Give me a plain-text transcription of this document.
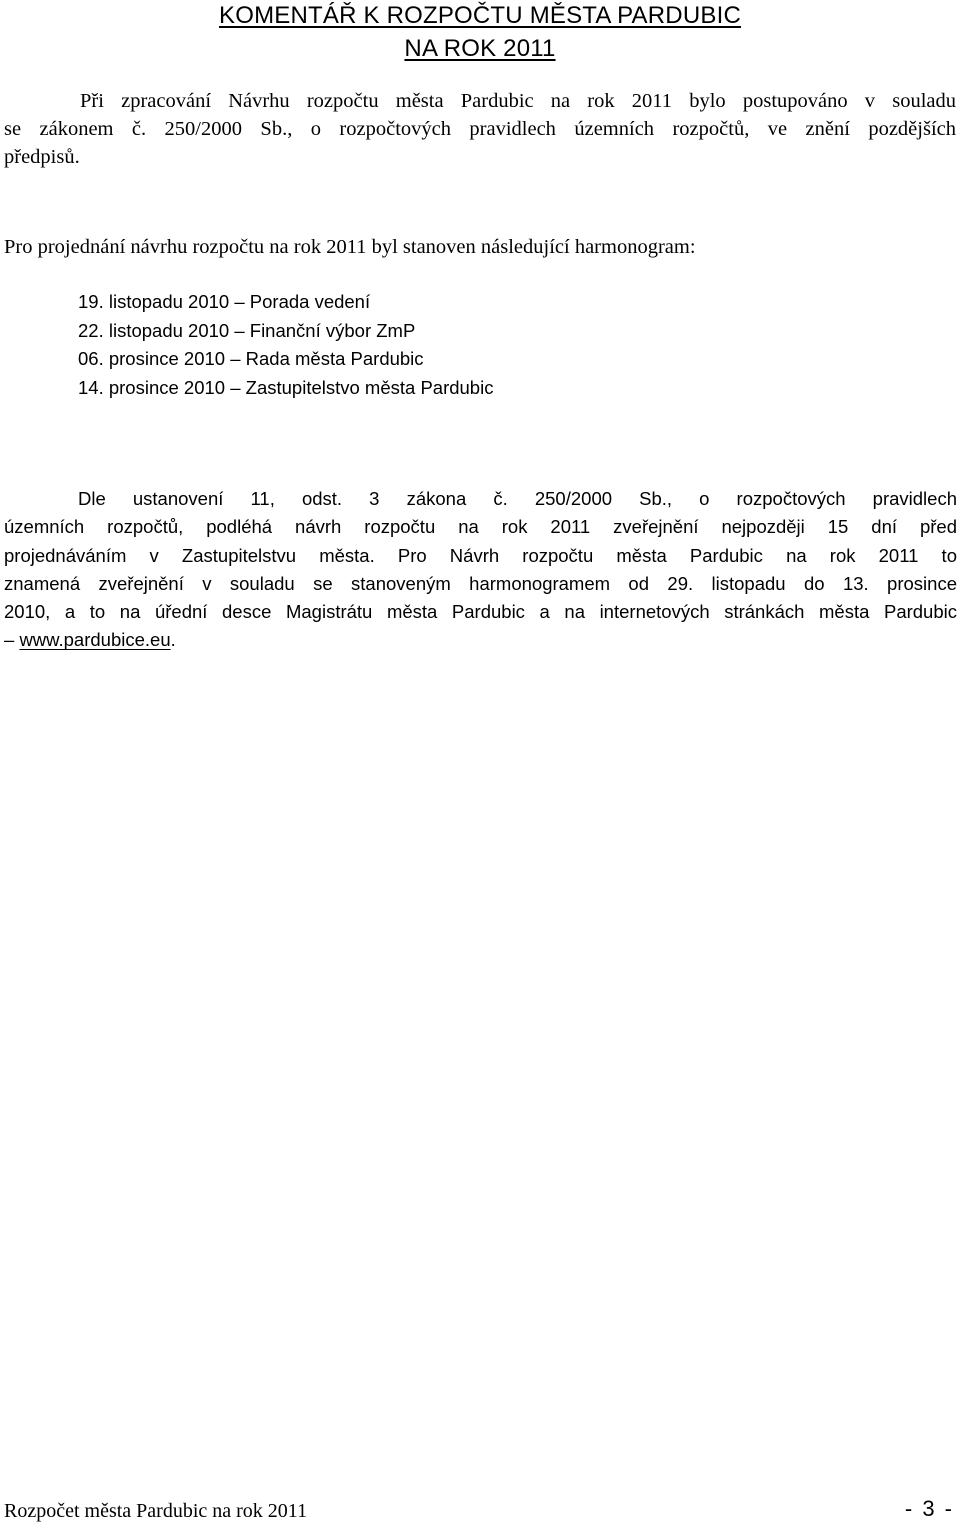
KOMENTÁŘ K ROZPOČTU MĚSTA PARDUBIC
NA ROK 2011
Při zpracování Návrhu rozpočtu města Pardubic na rok 2011 bylo postupováno v souladu
se zákonem č. 250/2000 Sb., o rozpočtových pravidlech územních rozpočtů, ve znění pozdějších
předpisů.
Pro projednání návrhu rozpočtu na rok 2011 byl stanoven následující harmonogram:
19. listopadu 2010 – Porada vedení
22. listopadu 2010 – Finanční výbor ZmP
06. prosince 2010 – Rada města Pardubic
14. prosince 2010 – Zastupitelstvo města Pardubic
Dle ustanovení 11, odst. 3 zákona č. 250/2000 Sb., o rozpočtových pravidlech
územních rozpočtů, podléhá návrh rozpočtu na rok 2011 zveřejnění nejpozději 15 dní před
projednáváním v Zastupitelstvu města. Pro Návrh rozpočtu města Pardubic na rok 2011 to
znamená zveřejnění v souladu se stanoveným harmonogramem od 29. listopadu do 13. prosince
2010, a to na úřední desce Magistrátu města Pardubic a na internetových stránkách města Pardubic
– www.pardubice.eu.
Rozpočet města Pardubic na rok 2011	- 3 -
